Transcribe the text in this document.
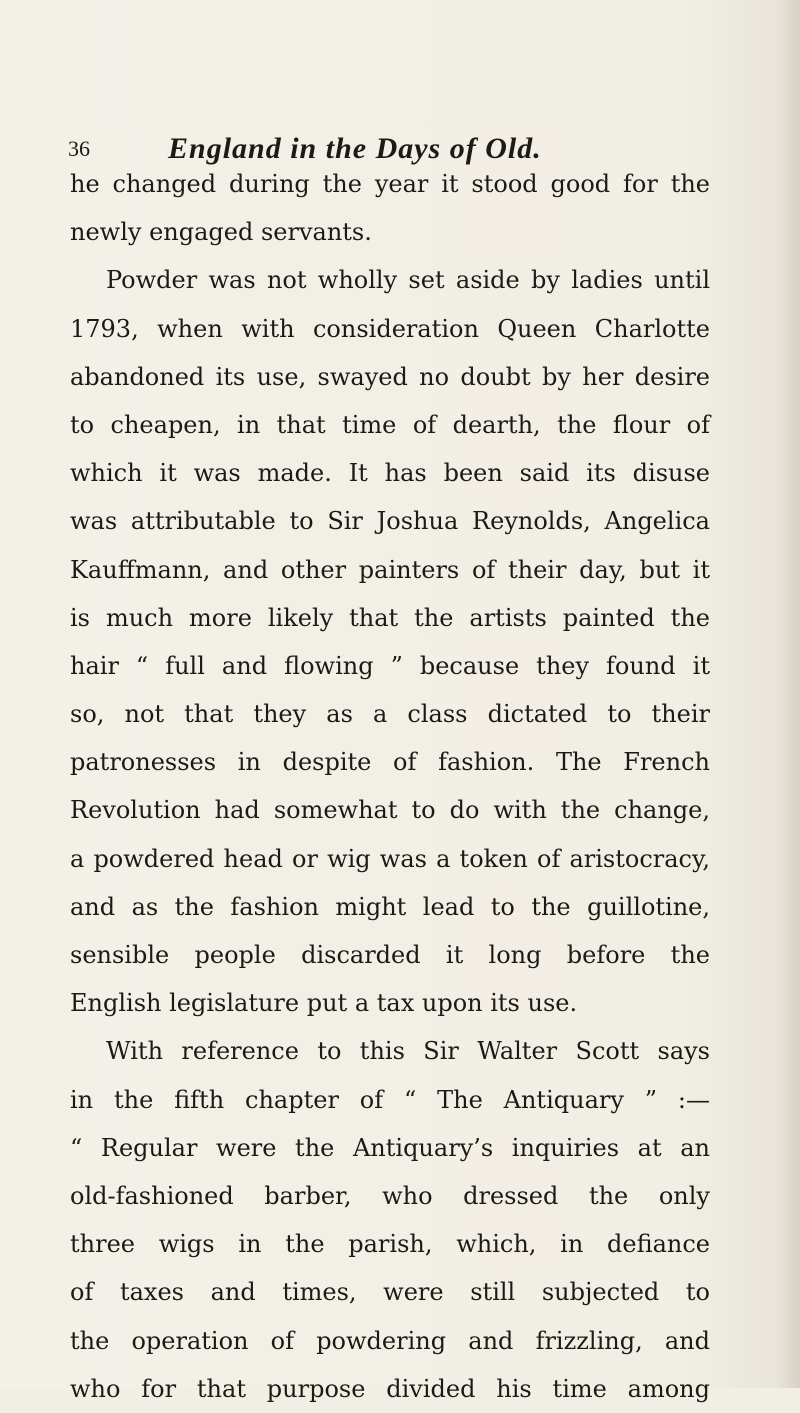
36	England in the Days of Old.
he changed during the year it stood good for the
newly engaged servants.
Powder was not wholly set aside by ladies until
1793, when with consideration Queen Charlotte
abandoned its use, swayed no doubt by her desire
to cheapen, in that time of dearth, the flour of
which it was made. It has been said its disuse
was attributable to Sir Joshua Reynolds, Angelica
Kauffmann, and other painters of their day, but it
is much more likely that the artists painted the
hair “ full and flowing ” because they found it
so, not that they as a class dictated to their
patronesses in despite of fashion. The French
Revolution had somewhat to do with the change,
a powdered head or wig was a token of aristocracy,
and as the fashion might lead to the guillotine,
sensible people discarded it long before the
English legislature put a tax upon its use.
With reference to this Sir Walter Scott says
in the fifth chapter of “ The Antiquary ” :—
“ Regular were the Antiquary’s inquiries at an
old-fashioned barber, who dressed the only
three wigs in the parish, which, in defiance
of taxes and times, were still subjected to
the operation of powdering and frizzling, and
who for that purpose divided his time among
